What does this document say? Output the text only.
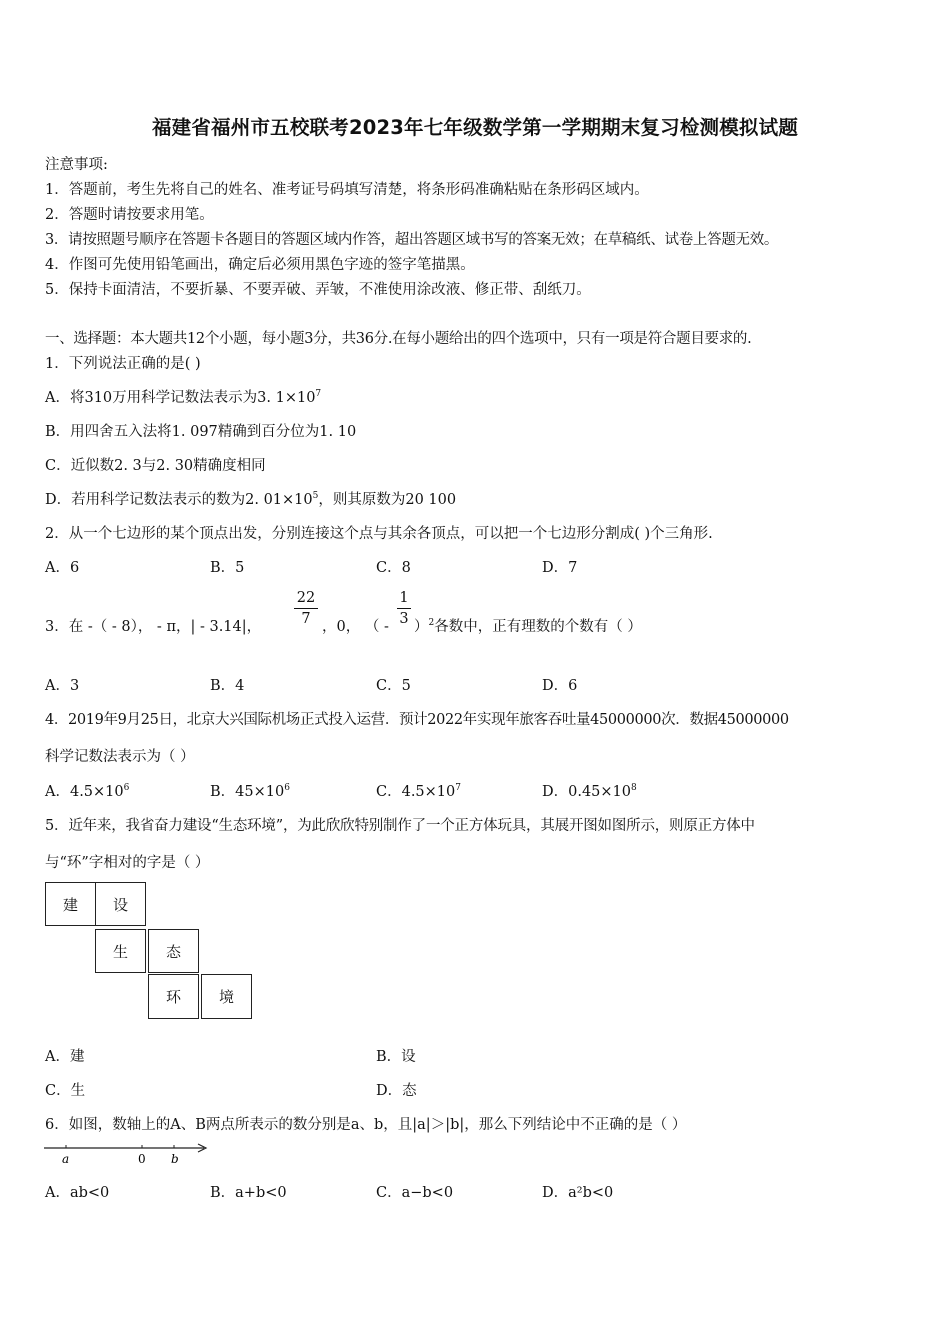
福建省福州市五校联考2023年七年级数学第一学期期末复习检测模拟试题
注意事项:
1．答题前，考生先将自己的姓名、准考证号码填写清楚，将条形码准确粘贴在条形码区域内。
2．答题时请按要求用笔。
3．请按照题号顺序在答题卡各题目的答题区域内作答，超出答题区域书写的答案无效；在草稿纸、试卷上答题无效。
4．作图可先使用铅笔画出，确定后必须用黑色字迹的签字笔描黑。
5．保持卡面清洁，不要折暴、不要弄破、弄皱，不准使用涂改液、修正带、刮纸刀。
一、选择题：本大题共12个小题，每小题3分，共36分.在每小题给出的四个选项中，只有一项是符合题目要求的.
1．下列说法正确的是( )
A．将310万用科学记数法表示为3. $1\times 10^7$
B．用四舍五入法将1. 097精确到百分位为1. 10
C．近似数2. 3与2. 30精确度相同
D．若用科学记数法表示的数为2. $01\times 10^5$，则其原数为20 100
2．从一个七边形的某个顶点出发，分别连接这个点与其余各顶点，可以把一个七边形分割成( )个三角形.
A．6	B．5	C．8	D．7
3．在 -（ - 8）， - π，| - 3.14|，
22
7 ，0， （ -
1
3 ）$^2$各数中，正有理数的个数有（ ）
A．3	B．4	C．5	D．6
4．2019年9月25日，北京大兴国际机场正式投入运营．预计2022年实现年旅客吞吐量45000000次．数据45000000
科学记数法表示为（ ）
A．$4.5\times 10^6$	B．$45\times 10^6$	C．$4.5\times 10^7$	D．$0.45\times 10^8$
5．近年来，我省奋力建设“生态环境”，为此欣欣特别制作了一个正方体玩具，其展开图如图所示，则原正方体中
与“环”字相对的字是（ ）
建	设
生	态
环	境
A．建	B．设
C．生	D．态
6．如图，数轴上的A、B两点所表示的数分别是a、b，且|a|＞|b|，那么下列结论中不正确的是（ ）
a	0 b
A．ab<0	B．a+b<0	C．a−b<0	D．a²b<0
